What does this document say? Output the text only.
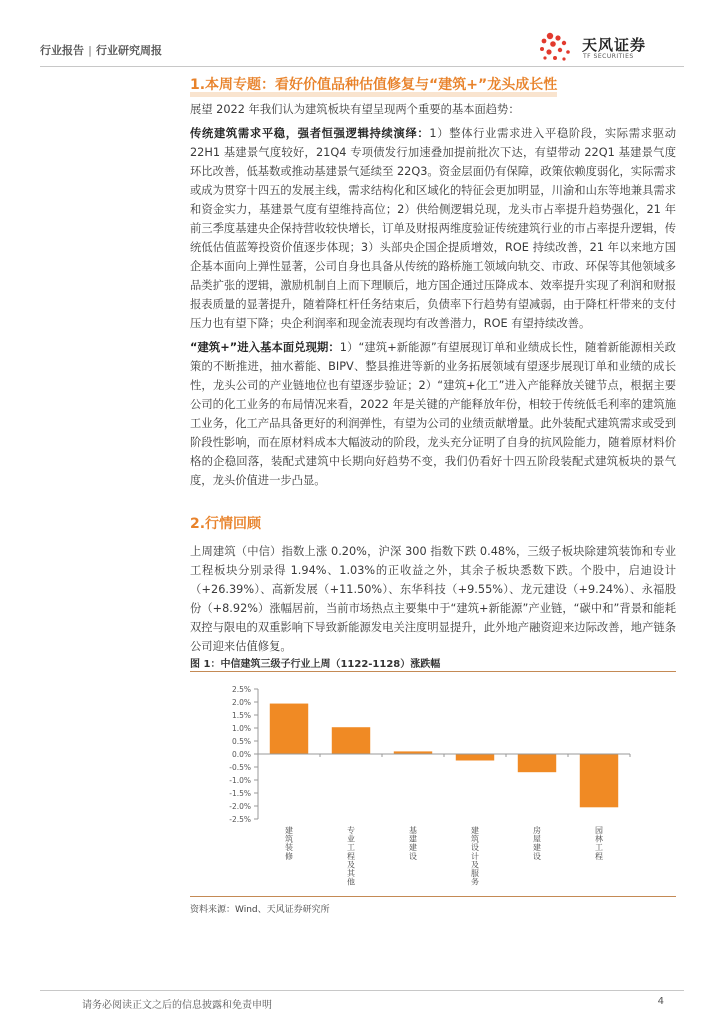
行业报告 | 行业研究周报	天风证券
TF SECURITIES
1.本周专题：看好价值品种估值修复与“建筑+”龙头成长性

展望 2022 年我们认为建筑板块有望呈现两个重要的基本面趋势：

传统建筑需求平稳，强者恒强逻辑持续演绎：1）整体行业需求进入平稳阶段，实际需求驱动 22H1 基建景气度较好，21Q4 专项债发行加速叠加提前批次下达，有望带动 22Q1 基建景气度环比改善，低基数或推动基建景气延续至 22Q3。资金层面仍有保障，政策依赖度弱化，实际需求或成为贯穿十四五的发展主线，需求结构化和区域化的特征会更加明显，川渝和山东等地兼具需求和资金实力，基建景气度有望维持高位；2）供给侧逻辑兑现，龙头市占率提升趋势强化，21 年前三季度基建央企保持营收较快增长，订单及财报两维度验证传统建筑行业的市占率提升逻辑，传统低估值蓝筹投资价值逐步体现；3）头部央企国企提质增效，ROE 持续改善，21 年以来地方国企基本面向上弹性显著，公司自身也具备从传统的路桥施工领域向轨交、市政、环保等其他领域多品类扩张的逻辑，激励机制自上而下理顺后，地方国企通过压降成本、效率提升实现了利润和财报报表质量的显著提升，随着降杠杆任务结束后，负债率下行趋势有望减弱，由于降杠杆带来的支付压力也有望下降；央企利润率和现金流表现均有改善潜力，ROE 有望持续改善。

“建筑+”进入基本面兑现期：1）“建筑+新能源”有望展现订单和业绩成长性，随着新能源相关政策的不断推进，抽水蓄能、BIPV、整县推进等新的业务拓展领域有望逐步展现订单和业绩的成长性，龙头公司的产业链地位也有望逐步验证；2）“建筑+化工”进入产能释放关键节点，根据主要公司的化工业务的布局情况来看，2022 年是关键的产能释放年份，相较于传统低毛利率的建筑施工业务，化工产品具备更好的利润弹性，有望为公司的业绩贡献增量。此外装配式建筑需求或受到阶段性影响，而在原材料成本大幅波动的阶段，龙头充分证明了自身的抗风险能力，随着原材料价格的企稳回落，装配式建筑中长期向好趋势不变，我们仍看好十四五阶段装配式建筑板块的景气度，龙头价值进一步凸显。

2.行情回顾

上周建筑（中信）指数上涨 0.20%，沪深 300 指数下跌 0.48%，三级子板块除建筑装饰和专业工程板块分别录得 1.94%、1.03%的正收益之外，其余子板块悉数下跌。个股中，启迪设计（+26.39%）、高新发展（+11.50%）、东华科技（+9.55%）、龙元建设（+9.24%）、永福股份（+8.92%）涨幅居前，当前市场热点主要集中于“建筑+新能源”产业链，“碳中和”背景和能耗双控与限电的双重影响下导致新能源发电关注度明显提升，此外地产融资迎来边际改善，地产链条公司迎来估值修复。

图 1：中信建筑三级子行业上周（1122-1128）涨跌幅
2.5%
2.0%
1.5%
1.0%
0.5%
0.0%
-0.5%
-1.0%
-1.5%
-2.0%
-2.5%
建筑装修
专业工程及其他
基建建设
建筑设计及服务
房屋建设
园林工程
资料来源：Wind、天风证券研究所
请务必阅读正文之后的信息披露和免责申明	4
